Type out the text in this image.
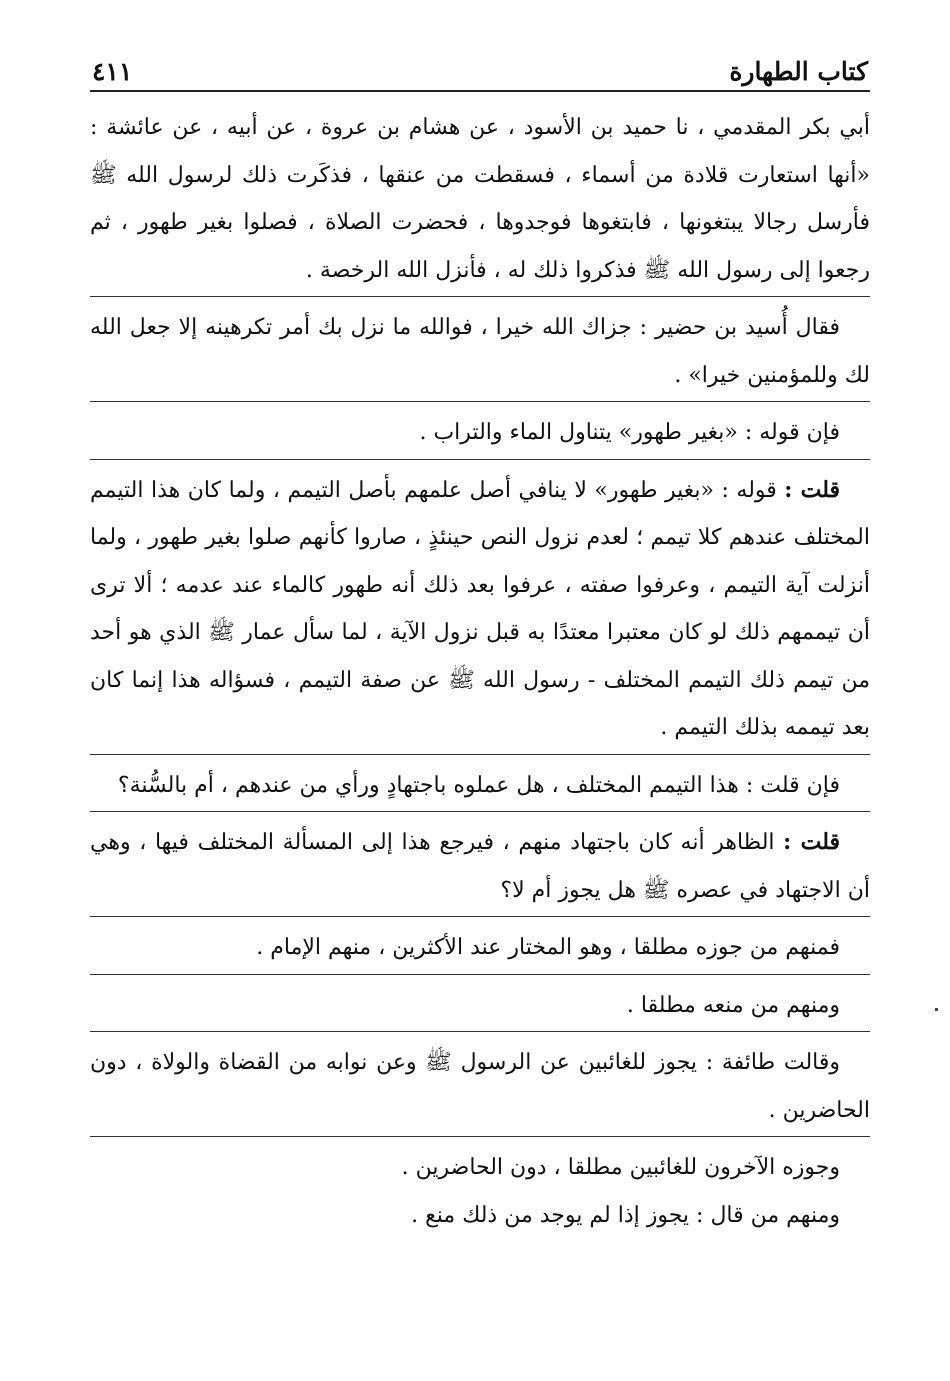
كتاب الطهارة
٤١١

أبي بكر المقدمي ، نا حميد بن الأسود ، عن هشام بن عروة ، عن أبيه ، عن عائشة : «أنها استعارت قلادة من أسماء ، فسقطت من عنقها ، فذكَرت ذلك لرسول الله ﷺ فأرسل رجالا يبتغونها ، فابتغوها فوجدوها ، فحضرت الصلاة ، فصلوا بغير طهور ، ثم رجعوا إلى رسول الله ﷺ فذكروا ذلك له ، فأنزل الله الرخصة .

فقال أُسيد بن حضير : جزاك الله خيرا ، فوالله ما نزل بك أمر تكرهينه إلا جعل الله لك وللمؤمنين خيرا» .

فإن قوله : «بغير طهور» يتناول الماء والتراب .

قلت : قوله : «بغير طهور» لا ينافي أصل علمهم بأصل التيمم ، ولما كان هذا التيمم المختلف عندهم كلا تيمم ؛ لعدم نزول النص حينئذٍ ، صاروا كأنهم صلوا بغير طهور ، ولما أنزلت آية التيمم ، وعرفوا صفته ، عرفوا بعد ذلك أنه طهور كالماء عند عدمه ؛ ألا ترى أن تيممهم ذلك لو كان معتبرا معتدًا به قبل نزول الآية ، لما سأل عمار ﷺ الذي هو أحد من تيمم ذلك التيمم المختلف - رسول الله ﷺ عن صفة التيمم ، فسؤاله هذا إنما كان بعد تيممه بذلك التيمم .

فإن قلت : هذا التيمم المختلف ، هل عملوه باجتهادٍ ورأي من عندهم ، أم بالسُّنة؟

قلت : الظاهر أنه كان باجتهاد منهم ، فيرجع هذا إلى المسألة المختلف فيها ، وهي أن الاجتهاد في عصره ﷺ هل يجوز أم لا؟

فمنهم من جوزه مطلقا ، وهو المختار عند الأكثرين ، منهم الإمام .

ومنهم من منعه مطلقا .

وقالت طائفة : يجوز للغائبين عن الرسول ﷺ وعن نوابه من القضاة والولاة ، دون الحاضرين .

وجوزه الآخرون للغائبين مطلقا ، دون الحاضرين .

ومنهم من قال : يجوز إذا لم يوجد من ذلك منع .
